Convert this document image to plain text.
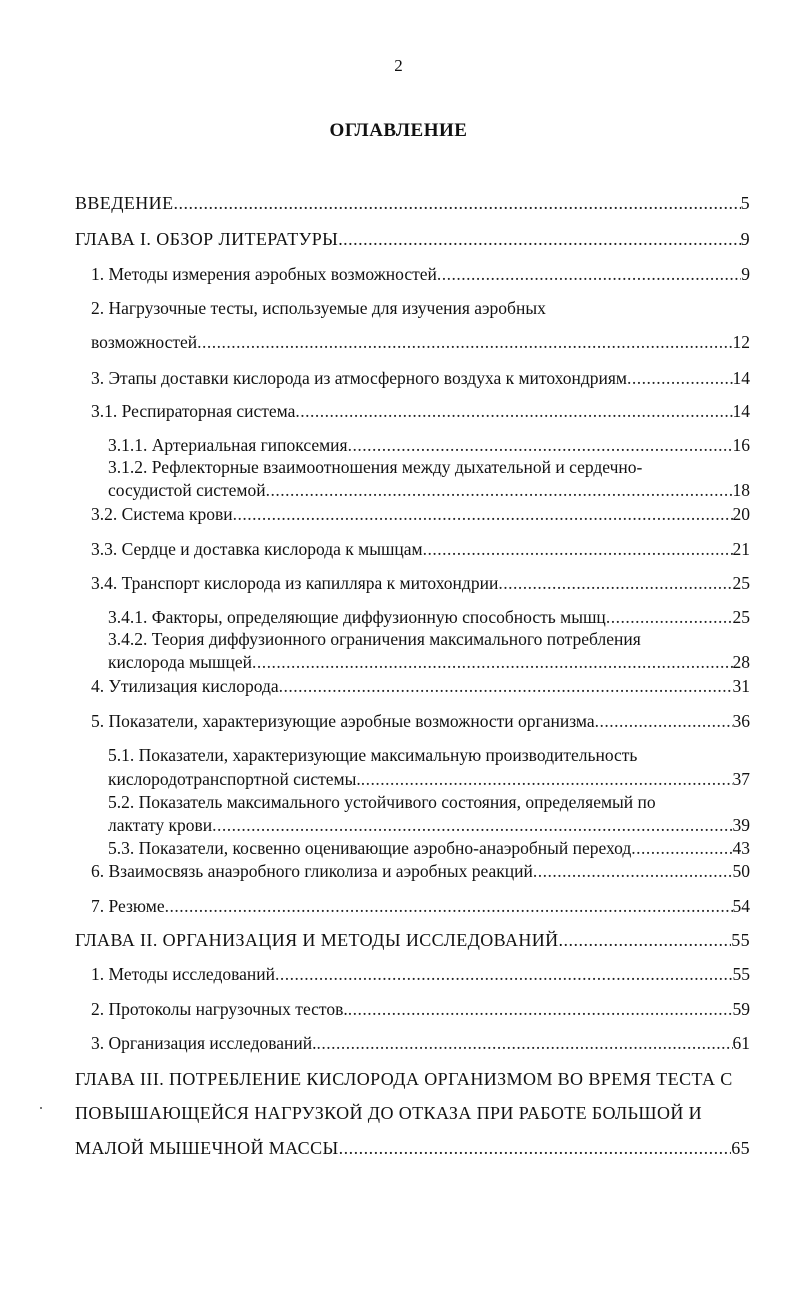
2
ОГЛАВЛЕНИЕ
ВВЕДЕНИЕ .....	5
ГЛАВА I. ОБЗОР ЛИТЕРАТУРЫ. .....	9
1. Методы измерения аэробных возможностей .....	9
2. Нагрузочные тесты, используемые для изучения аэробных
возможностей .....	12
3. Этапы доставки кислорода из атмосферного воздуха к митохондриям .....	14
3.1. Респираторная система .....	14
3.1.1. Артериальная гипоксемия .....	16
3.1.2. Рефлекторные взаимоотношения между дыхательной и сердечно-
сосудистой системой .....	18
3.2. Система крови .....	20
3.3. Сердце и доставка кислорода к мышцам .....	21
3.4. Транспорт кислорода из капилляра к митохондрии .....	25
3.4.1. Факторы, определяющие диффузионную способность мышц .....	25
3.4.2. Теория диффузионного ограничения максимального потребления
кислорода мышцей .....	28
4. Утилизация кислорода .....	31
5. Показатели, характеризующие аэробные возможности организма .....	36
5.1. Показатели, характеризующие максимальную производительность
кислородотранспортной системы. .....	37
5.2. Показатель максимального устойчивого состояния, определяемый по
лактату крови .....	39
5.3. Показатели, косвенно оценивающие аэробно-анаэробный переход .....	43
6. Взаимосвязь анаэробного гликолиза и аэробных реакций .....	50
7. Резюме .....	54
ГЛАВА II. ОРГАНИЗАЦИЯ И МЕТОДЫ ИССЛЕДОВАНИЙ. .....	55
1. Методы исследований .....	55
2. Протоколы нагрузочных тестов. .....	59
3. Организация исследований. .....	61
ГЛАВА III. ПОТРЕБЛЕНИЕ КИСЛОРОДА ОРГАНИЗМОМ ВО ВРЕМЯ ТЕСТА С
ПОВЫШАЮЩЕЙСЯ НАГРУЗКОЙ ДО ОТКАЗА ПРИ РАБОТЕ БОЛЬШОЙ И
МАЛОЙ МЫШЕЧНОЙ МАССЫ .....	65
